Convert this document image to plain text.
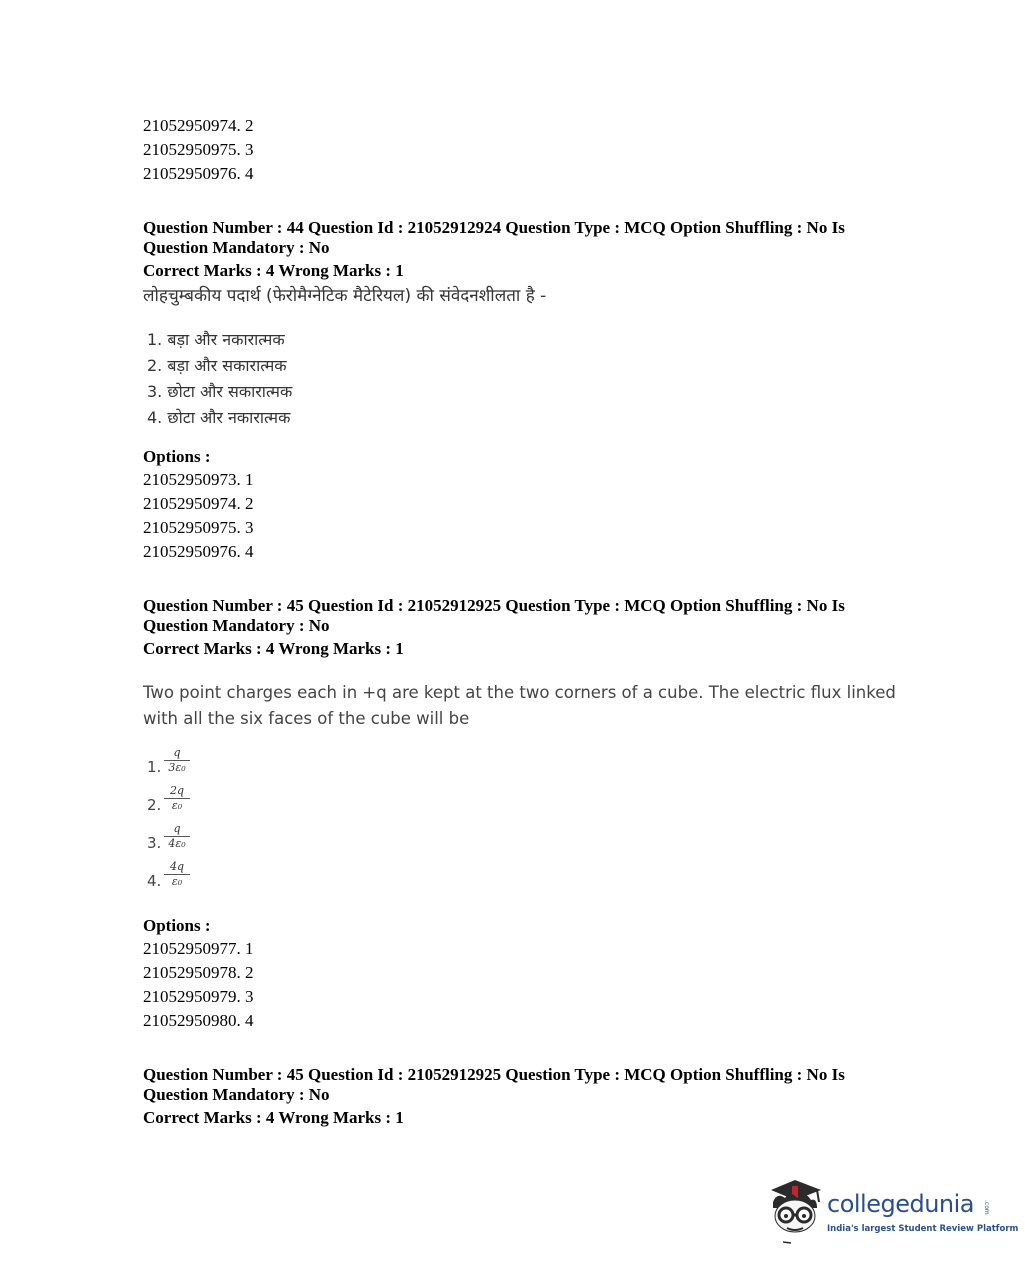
21052950974. 2
21052950975. 3
21052950976. 4
Question Number : 44 Question Id : 21052912924 Question Type : MCQ Option Shuffling : No Is
Question Mandatory : No
Correct Marks : 4 Wrong Marks : 1
लोहचुम्बकीय पदार्थ (फेरोमैग्नेटिक मैटेरियल) की संवेदनशीलता है -
1. बड़ा और नकारात्मक
2. बड़ा और सकारात्मक
3. छोटा और सकारात्मक
4. छोटा और नकारात्मक
Options :
21052950973. 1
21052950974. 2
21052950975. 3
21052950976. 4
Question Number : 45 Question Id : 21052912925 Question Type : MCQ Option Shuffling : No Is
Question Mandatory : No
Correct Marks : 4 Wrong Marks : 1
Two point charges each in +q are kept at the two corners of a cube. The electric flux linked
with all the six faces of the cube will be
1. $\frac{q}{\text{3ε₀}}$
2. $\frac{2q}{\text{ε₀}}$
3. $\frac{q}{\text{4ε₀}}$
4. $\frac{4q}{\text{ε₀}}$
Options :
21052950977. 1
21052950978. 2
21052950979. 3
21052950980. 4
Question Number : 45 Question Id : 21052912925 Question Type : MCQ Option Shuffling : No Is
Question Mandatory : No
Correct Marks : 4 Wrong Marks : 1
collegedunia .com
India's largest Student Review Platform
